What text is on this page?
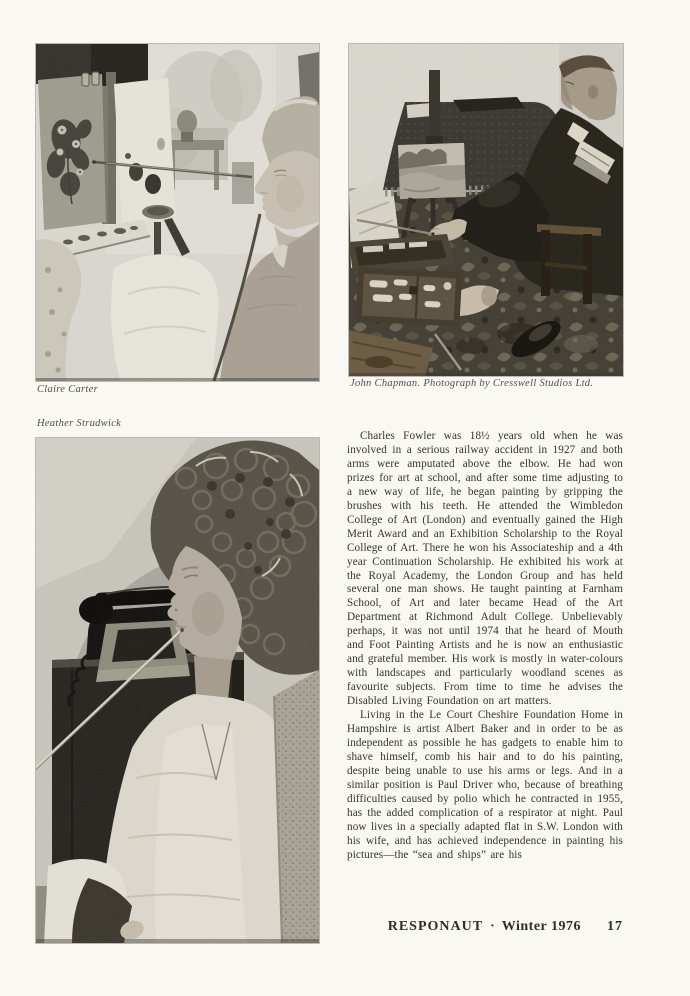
Claire Carter
John Chapman. Photograph by Cresswell Studios Ltd.
Heather Strudwick

Charles Fowler was 18½ years old when he was involved in a serious railway accident in 1927 and both arms were amputated above the elbow. He had won prizes for art at school, and after some time adjusting to a new way of life, he began painting by gripping the brushes with his teeth. He attended the Wimbledon College of Art (London) and eventually gained the High Merit Award and an Exhibition Scholarship to the Royal College of Art. There he won his Associateship and a 4th year Continuation Scholarship. He exhibited his work at the Royal Academy, the London Group and has held several one man shows. He taught painting at Farnham School, of Art and later became Head of the Art Department at Richmond Adult College. Unbelievably perhaps, it was not until 1974 that he heard of Mouth and Foot Painting Artists and he is now an enthusiastic and grateful member. His work is mostly in water-colours with landscapes and particularly woodland scenes as favourite subjects. From time to time he advises the Disabled Living Foundation on art matters.

Living in the Le Court Cheshire Foundation Home in Hampshire is artist Albert Baker and in order to be as independent as possible he has gadgets to enable him to shave himself, comb his hair and to do his painting, despite being unable to use his arms or legs. And in a similar position is Paul Driver who, because of breathing difficulties caused by polio which he contracted in 1955, has the added complication of a respirator at night. Paul now lives in a specially adapted flat in S.W. London with his wife, and has achieved independence in painting his pictures—the “sea and ships” are his

RESPONAUT · Winter 1976 17
